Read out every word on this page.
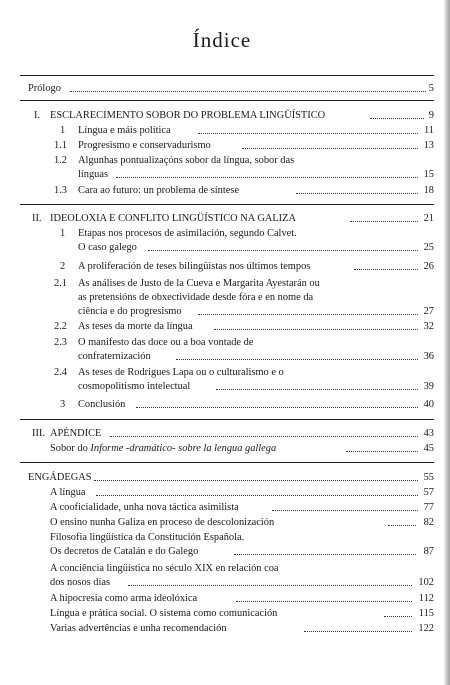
Índice
Prólogo	5
I. ESCLARECIMENTO SOBOR DO PROBLEMA LINGÜÍSTICO	9
1 Língua e máis política	11
1.1 Progresismo e conservadurismo	13
1.2 Algunhas pontualizaçóns sobor da língua, sobor das
línguas	15
1.3 Cara ao futuro: un problema de síntese	18
II. IDEOLOXIA E CONFLITO LINGÜÍSTICO NA GALIZA	21
1 Etapas nos procesos de asimilación, segundo Calvet.
O caso galego	25
2 A proliferación de teses bilingüistas nos últimos tempos	26
2.1 As análises de Justo de la Cueva e Margarita Ayestarán ou
as pretensións de obxectividade desde fóra e en nome da
ciência e do progresismo	27
2.2 As teses da morte da língua	32
2.3 O manifesto das doce ou a boa vontade de
confraternización	36
2.4 As teses de Rodrigues Lapa ou o culturalismo e o
cosmopolitismo intelectual	39
3 Conclusión	40
III. APÉNDICE	43
Sobor do Informe -dramático- sobre la lengua gallega	45
ENGÁDEGAS	55
A língua	57
A cooficialidade, unha nova táctica asimilista	77
O ensino nunha Galiza en proceso de descolonización	82
Filosofia lingüística da Constitución Española.
Os decretos de Catalán e do Galego	87
A conciência lingüística no século XIX en relación coa
dos nosos días	102
A hipocresia como arma ideolóxica	112
Língua e prática social. O sistema como comunicación	115
Varias advertências e unha recomendación	122
